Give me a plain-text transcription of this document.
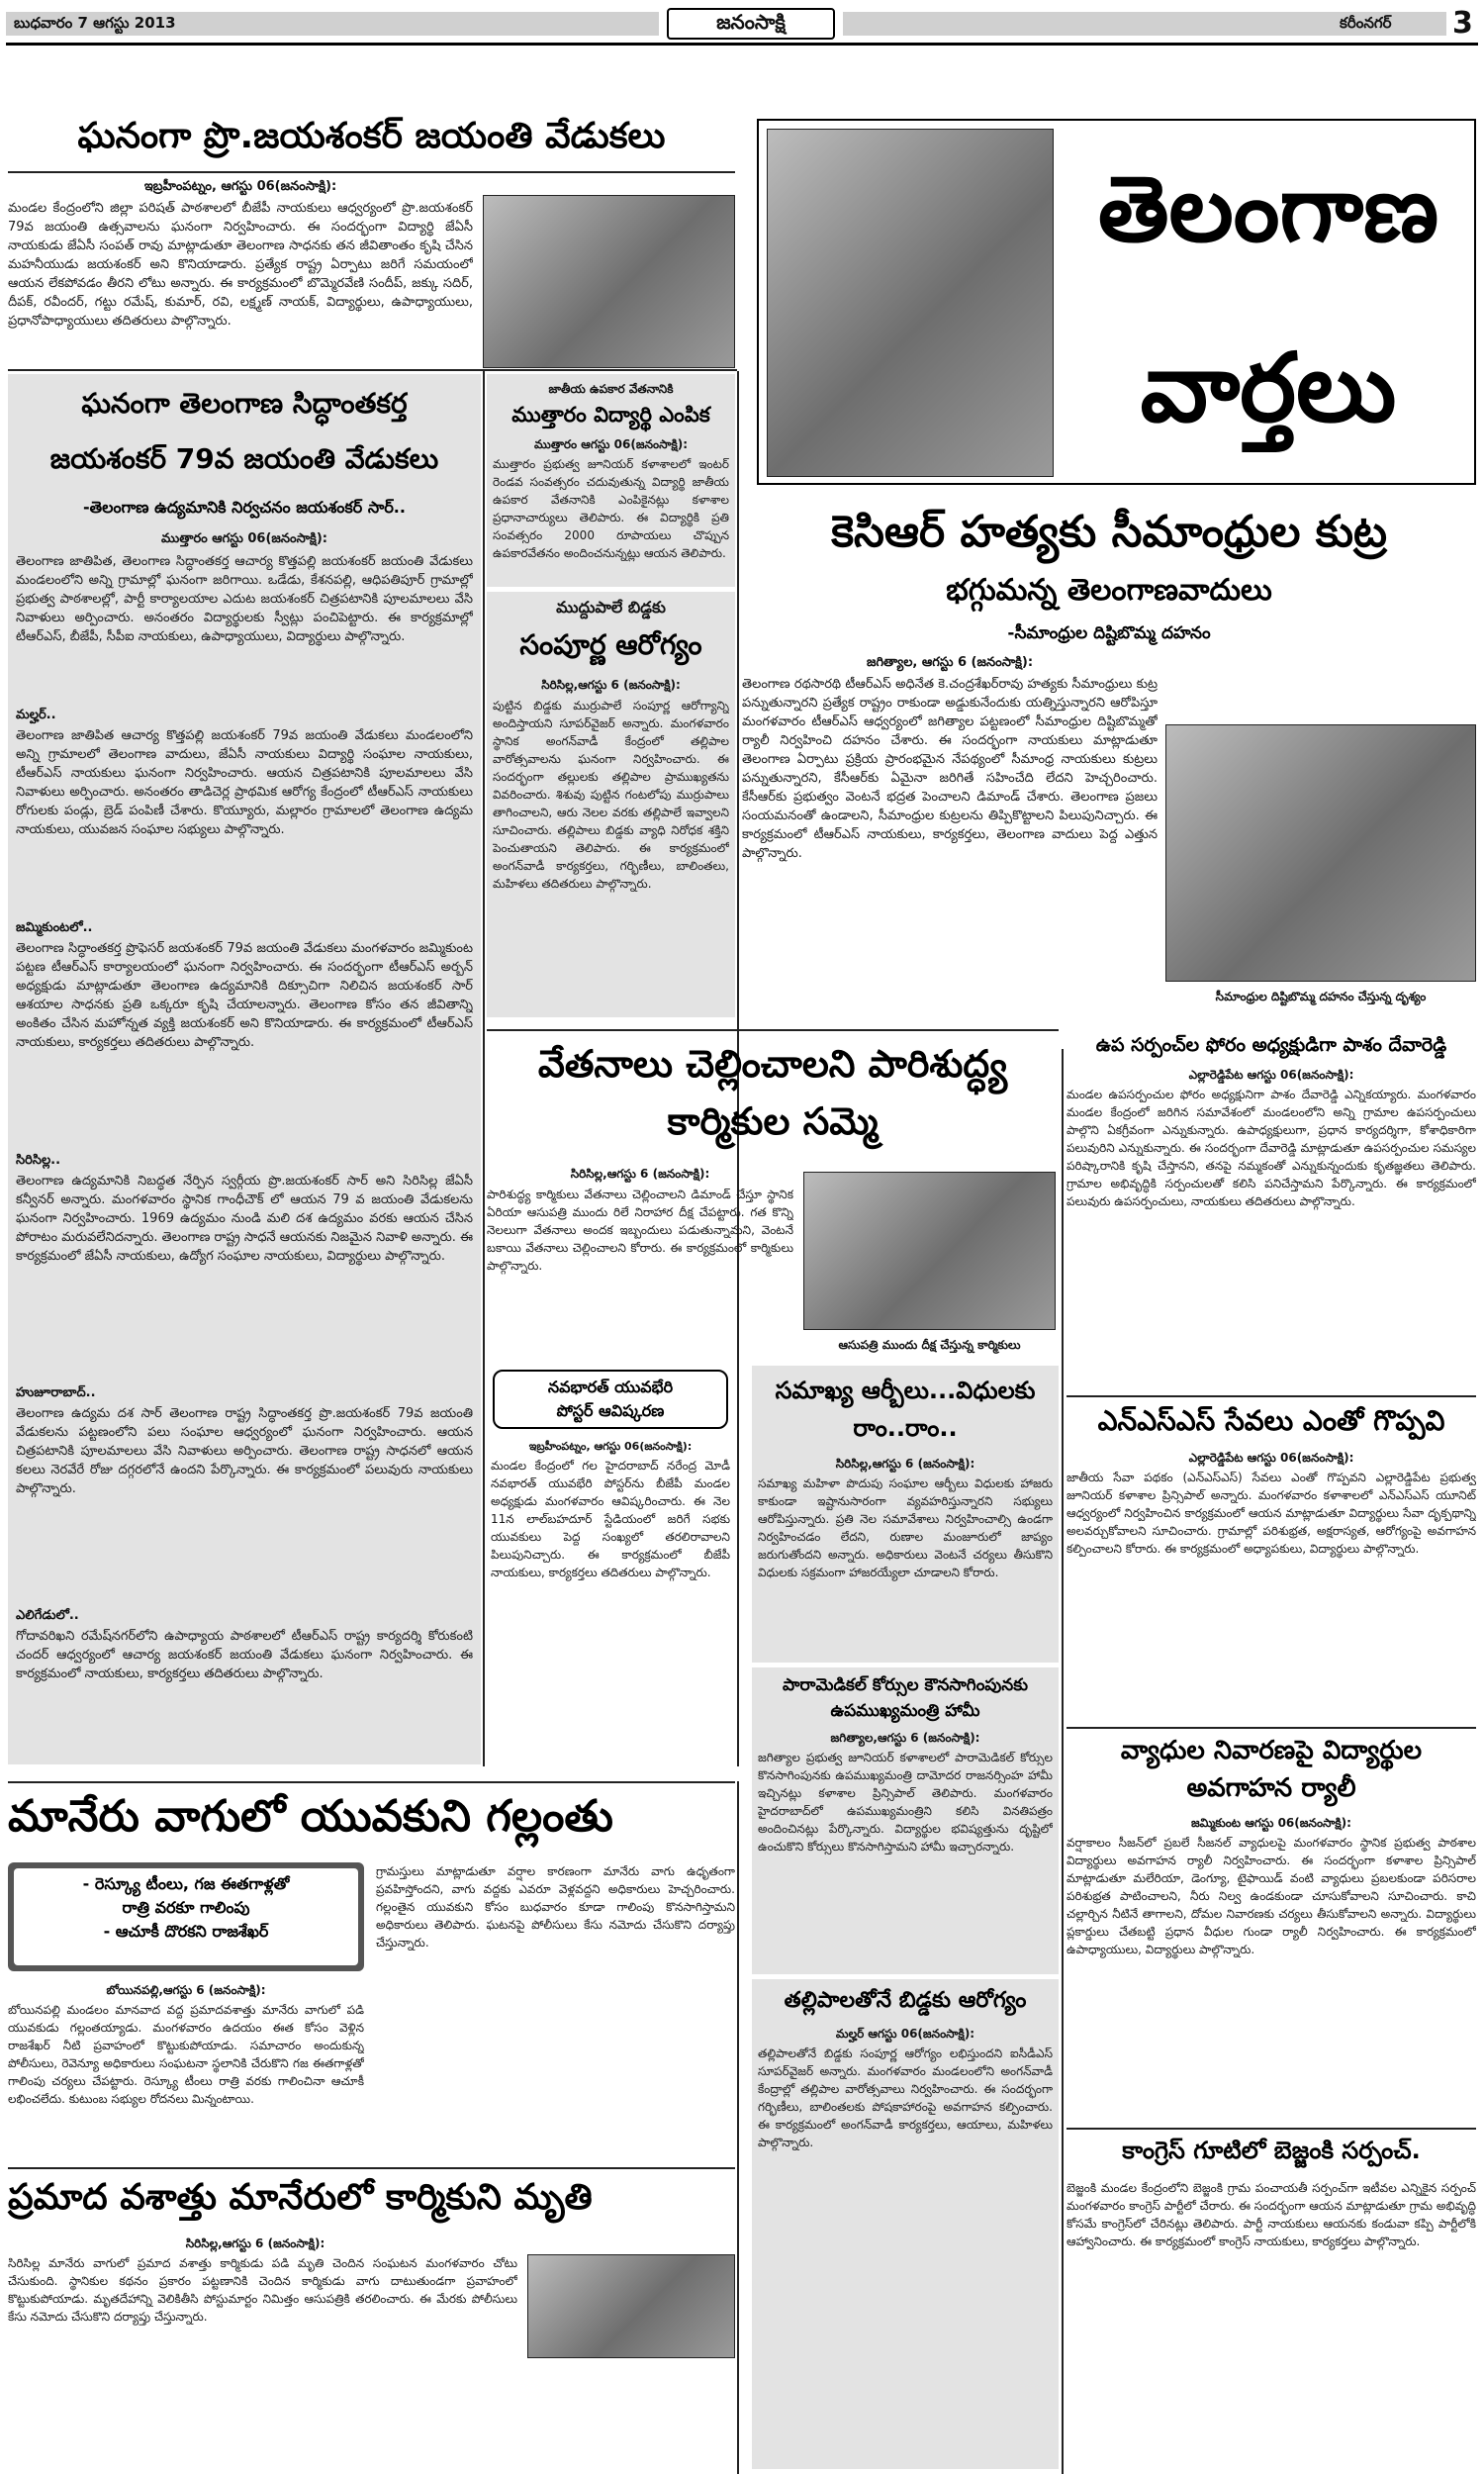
బుధవారం 7 ఆగస్టు 2013	జనంసాక్షి	కరీంనగర్ 3
ఘనంగా ప్రొ.జయశంకర్‌ జయంతి వేడుకలు
ఇబ్రహీంపట్నం, ఆగస్టు 06(జనంసాక్షి):
మండల కేంద్రంలోని జిల్లా పరిషత్‌ పాఠశాలలో బీజేపీ నాయకులు ఆధ్వర్యంలో ప్రొ.జయశంకర్‌ 79వ జయంతి ఉత్సవాలను ఘనంగా నిర్వహించారు. ఈ సందర్భంగా విద్యార్థి జేఏసీ నాయకుడు జేఏసీ సంపత్‌ రావు మాట్లాడుతూ తెలంగాణ సాధనకు తన జీవితాంతం కృషి చేసిన మహనీయుడు జయశంకర్‌ అని కొనియాడారు. ప్రత్యేక రాష్ట్ర ఏర్పాటు జరిగే సమయంలో ఆయన లేకపోవడం తీరని లోటు అన్నారు. ఈ కార్యక్రమంలో బొమ్మెరవేణి సందీప్‌, జక్కు సదిర్‌, దీపక్‌, రవీందర్‌, గట్టు రమేష్‌, కుమార్‌, రవి, లక్ష్మణ్‌ నాయక్‌, విద్యార్థులు, ఉపాధ్యాయులు, ప్రధానోపాధ్యాయులు తదితరులు పాల్గొన్నారు.
తెలంగాణ
వార్తలు
ఘనంగా తెలంగాణ సిద్ధాంతకర్త
జయశంకర్‌ 79వ జయంతి వేడుకలు
-తెలంగాణ ఉద్యమానికి నిర్వచనం జయశంకర్‌ సార్‌..
ముత్తారం ఆగస్టు 06(జనంసాక్షి):
తెలంగాణ జాతిపిత, తెలంగాణ సిద్ధాంతకర్త ఆచార్య కొత్తపల్లి జయశంకర్‌ జయంతి వేడుకలు మండలంలోని అన్ని గ్రామాల్లో ఘనంగా జరిగాయి. ఒడేడు, కేశనపల్లి, ఆధిపతిపూర్‌ గ్రామాల్లో ప్రభుత్వ పాఠశాలల్లో, పార్టీ కార్యాలయాల ఎదుట జయశంకర్‌ చిత్రపటానికి పూలమాలలు వేసి నివాళులు అర్పించారు. అనంతరం విద్యార్థులకు స్వీట్లు పంచిపెట్టారు. ఈ కార్యక్రమాల్లో టీఆర్‌ఎస్‌, బీజేపీ, సీపీఐ నాయకులు, ఉపాధ్యాయులు, విద్యార్థులు పాల్గొన్నారు.
మల్హర్‌..
తెలంగాణ జాతిపిత ఆచార్య కొత్తపల్లి జయశంకర్‌ 79వ జయంతి వేడుకలు మండలంలోని అన్ని గ్రామాలలో తెలంగాణ వాదులు, జేఏసీ నాయకులు విద్యార్థి సంఘాల నాయకులు, టీఆర్‌ఎస్‌ నాయకులు ఘనంగా నిర్వహించారు. ఆయన చిత్రపటానికి పూలమాలలు వేసి నివాళులు అర్పించారు. అనంతరం తాడిచెర్ల ప్రాథమిక ఆరోగ్య కేంద్రంలో టీఆర్‌ఎస్‌ నాయకులు రోగులకు పండ్లు, బ్రెడ్‌ పంపిణీ చేశారు. కొయ్యూరు, మల్లారం గ్రామాలలో తెలంగాణ ఉద్యమ నాయకులు, యువజన సంఘాల సభ్యులు పాల్గొన్నారు.
జమ్మికుంటలో..
తెలంగాణ సిద్ధాంతకర్త ప్రొఫెసర్‌ జయశంకర్‌ 79వ జయంతి వేడుకలు మంగళవారం జమ్మికుంట పట్టణ టీఆర్‌ఎస్‌ కార్యాలయంలో ఘనంగా నిర్వహించారు. ఈ సందర్భంగా టీఆర్‌ఎస్‌ అర్బన్‌ అధ్యక్షుడు మాట్లాడుతూ తెలంగాణ ఉద్యమానికి దిక్సూచిగా నిలిచిన జయశంకర్‌ సార్‌ ఆశయాల సాధనకు ప్రతి ఒక్కరూ కృషి చేయాలన్నారు. తెలంగాణ కోసం తన జీవితాన్ని అంకితం చేసిన మహోన్నత వ్యక్తి జయశంకర్‌ అని కొనియాడారు. ఈ కార్యక్రమంలో టీఆర్‌ఎస్‌ నాయకులు, కార్యకర్తలు తదితరులు పాల్గొన్నారు.
సిరిసిల్ల..
తెలంగాణ ఉద్యమానికి నిబద్ధత నేర్పిన స్వర్గీయ ప్రొ.జయశంకర్‌ సార్‌ అని సిరిసిల్ల జేఏసీ కన్వీనర్‌ అన్నారు. మంగళవారం స్థానిక గాంధీచౌక్‌ లో ఆయన 79 వ జయంతి వేడుకలను ఘనంగా నిర్వహించారు. 1969 ఉద్యమం నుండి మలి దశ ఉద్యమం వరకు ఆయన చేసిన పోరాటం మరువలేనిదన్నారు. తెలంగాణ రాష్ట్ర సాధనే ఆయనకు నిజమైన నివాళి అన్నారు. ఈ కార్యక్రమంలో జేఏసీ నాయకులు, ఉద్యోగ సంఘాల నాయకులు, విద్యార్థులు పాల్గొన్నారు.
హుజూరాబాద్‌..
తెలంగాణ ఉద్యమ దశ సార్‌ తెలంగాణ రాష్ట్ర సిద్ధాంతకర్త ప్రొ.జయశంకర్‌ 79వ జయంతి వేడుకలను పట్టణంలోని పలు సంఘాల ఆధ్వర్యంలో ఘనంగా నిర్వహించారు. ఆయన చిత్రపటానికి పూలమాలలు వేసి నివాళులు అర్పించారు. తెలంగాణ రాష్ట్ర సాధనలో ఆయన కలలు నెరవేరే రోజు దగ్గరలోనే ఉందని పేర్కొన్నారు. ఈ కార్యక్రమంలో పలువురు నాయకులు పాల్గొన్నారు.
ఎలిగేడులో..
గోదావరిఖని రమేష్‌నగర్‌లోని ఉపాధ్యాయ పాఠశాలలో టీఆర్‌ఎస్‌ రాష్ట్ర కార్యదర్శి కోరుకంటి చందర్‌ ఆధ్వర్యంలో ఆచార్య జయశంకర్‌ జయంతి వేడుకలు ఘనంగా నిర్వహించారు. ఈ కార్యక్రమంలో నాయకులు, కార్యకర్తలు తదితరులు పాల్గొన్నారు.
జాతీయ ఉపకార వేతనానికి
ముత్తారం విద్యార్థి ఎంపిక
ముత్తారం ఆగస్టు 06(జనంసాక్షి):
ముత్తారం ప్రభుత్వ జూనియర్‌ కళాశాలలో ఇంటర్‌ రెండవ సంవత్సరం చదువుతున్న విద్యార్థి జాతీయ ఉపకార వేతనానికి ఎంపికైనట్లు కళాశాల ప్రధానాచార్యులు తెలిపారు. ఈ విద్యార్థికి ప్రతి సంవత్సరం 2000 రూపాయలు చొప్పున ఉపకారవేతనం అందించనున్నట్లు ఆయన తెలిపారు.
ముద్దుపాలే బిడ్డకు
సంపూర్ణ ఆరోగ్యం
సిరిసిల్ల,ఆగస్టు 6 (జనంసాక్షి):
పుట్టిన బిడ్డకు ముర్రుపాలే సంపూర్ణ ఆరోగ్యాన్ని అందిస్తాయని సూపర్‌వైజర్‌ అన్నారు. మంగళవారం స్థానిక అంగన్‌వాడీ కేంద్రంలో తల్లిపాల వారోత్సవాలను ఘనంగా నిర్వహించారు. ఈ సందర్భంగా తల్లులకు తల్లిపాల ప్రాముఖ్యతను వివరించారు. శిశువు పుట్టిన గంటలోపు ముర్రుపాలు తాగించాలని, ఆరు నెలల వరకు తల్లిపాలే ఇవ్వాలని సూచించారు. తల్లిపాలు బిడ్డకు వ్యాధి నిరోధక శక్తిని పెంచుతాయని తెలిపారు. ఈ కార్యక్రమంలో అంగన్‌వాడీ కార్యకర్తలు, గర్భిణీలు, బాలింతలు, మహిళలు తదితరులు పాల్గొన్నారు.
కెసిఆర్‌ హత్యకు సీమాంధ్రుల కుట్ర
భగ్గుమన్న తెలంగాణవాదులు
-సీమాంధ్రుల దిష్టిబొమ్మ దహనం
జగిత్యాల, ఆగస్టు 6 (జనంసాక్షి):
తెలంగాణ రథసారథి టీఆర్‌ఎస్‌ అధినేత కె.చంద్రశేఖర్‌రావు హత్యకు సీమాంధ్రులు కుట్ర పన్నుతున్నారని ప్రత్యేక రాష్ట్రం రాకుండా అడ్డుకునేందుకు యత్నిస్తున్నారని ఆరోపిస్తూ మంగళవారం టీఆర్‌ఎస్‌ ఆధ్వర్యంలో జగిత్యాల పట్టణంలో సీమాంధ్రుల దిష్టిబొమ్మతో ర్యాలీ నిర్వహించి దహనం చేశారు. ఈ సందర్భంగా నాయకులు మాట్లాడుతూ తెలంగాణ ఏర్పాటు ప్రక్రియ ప్రారంభమైన నేపథ్యంలో సీమాంధ్ర నాయకులు కుట్రలు పన్నుతున్నారని, కేసీఆర్‌కు ఏమైనా జరిగితే సహించేది లేదని హెచ్చరించారు. కేసీఆర్‌కు ప్రభుత్వం వెంటనే భద్రత పెంచాలని డిమాండ్‌ చేశారు. తెలంగాణ ప్రజలు సంయమనంతో ఉండాలని, సీమాంధ్రుల కుట్రలను తిప్పికొట్టాలని పిలుపునిచ్చారు. ఈ కార్యక్రమంలో టీఆర్‌ఎస్‌ నాయకులు, కార్యకర్తలు, తెలంగాణ వాదులు పెద్ద ఎత్తున పాల్గొన్నారు.
సీమాంధ్రుల దిష్టిబొమ్మ దహనం చేస్తున్న దృశ్యం
వేతనాలు చెల్లించాలని పారిశుద్ధ్య
కార్మికుల సమ్మె
సిరిసిల్ల,ఆగస్టు 6 (జనంసాక్షి):
పారిశుద్ధ్య కార్మికులు వేతనాలు చెల్లించాలని డిమాండ్‌ చేస్తూ స్థానిక ఏరియా ఆసుపత్రి ముందు రిలే నిరాహార దీక్ష చేపట్టారు. గత కొన్ని నెలలుగా వేతనాలు అందక ఇబ్బందులు పడుతున్నామని, వెంటనే బకాయి వేతనాలు చెల్లించాలని కోరారు. ఈ కార్యక్రమంలో కార్మికులు పాల్గొన్నారు.
ఆసుపత్రి ముందు దీక్ష చేస్తున్న కార్మికులు
ఉప సర్పంచ్‌ల ఫోరం అధ్యక్షుడిగా పాశం దేవారెడ్డి
ఎల్లారెడ్డిపేట ఆగస్టు 06(జనంసాక్షి):
మండల ఉపసర్పంచుల ఫోరం అధ్యక్షునిగా పాశం దేవారెడ్డి ఎన్నికయ్యారు. మంగళవారం మండల కేంద్రంలో జరిగిన సమావేశంలో మండలంలోని అన్ని గ్రామాల ఉపసర్పంచులు పాల్గొని ఏకగ్రీవంగా ఎన్నుకున్నారు. ఉపాధ్యక్షులుగా, ప్రధాన కార్యదర్శిగా, కోశాధికారిగా పలువురిని ఎన్నుకున్నారు. ఈ సందర్భంగా దేవారెడ్డి మాట్లాడుతూ ఉపసర్పంచుల సమస్యల పరిష్కారానికి కృషి చేస్తానని, తనపై నమ్మకంతో ఎన్నుకున్నందుకు కృతజ్ఞతలు తెలిపారు. గ్రామాల అభివృద్ధికి సర్పంచులతో కలిసి పనిచేస్తామని పేర్కొన్నారు. ఈ కార్యక్రమంలో పలువురు ఉపసర్పంచులు, నాయకులు తదితరులు పాల్గొన్నారు.
ఎన్‌ఎస్‌ఎస్‌ సేవలు ఎంతో గొప్పవి
ఎల్లారెడ్డిపేట ఆగస్టు 06(జనంసాక్షి):
జాతీయ సేవా పథకం (ఎన్‌ఎస్‌ఎస్‌) సేవలు ఎంతో గొప్పవని ఎల్లారెడ్డిపేట ప్రభుత్వ జూనియర్‌ కళాశాల ప్రిన్సిపాల్‌ అన్నారు. మంగళవారం కళాశాలలో ఎన్‌ఎస్‌ఎస్‌ యూనిట్‌ ఆధ్వర్యంలో నిర్వహించిన కార్యక్రమంలో ఆయన మాట్లాడుతూ విద్యార్థులు సేవా దృక్పథాన్ని అలవర్చుకోవాలని సూచించారు. గ్రామాల్లో పరిశుభ్రత, అక్షరాస్యత, ఆరోగ్యంపై అవగాహన కల్పించాలని కోరారు. ఈ కార్యక్రమంలో అధ్యాపకులు, విద్యార్థులు పాల్గొన్నారు.
వ్యాధుల నివారణపై విద్యార్థుల
అవగాహన ర్యాలీ
జమ్మికుంట ఆగస్టు 06(జనంసాక్షి):
వర్షాకాలం సీజన్‌లో ప్రబలే సీజనల్‌ వ్యాధులపై మంగళవారం స్థానిక ప్రభుత్వ పాఠశాల విద్యార్థులు అవగాహన ర్యాలీ నిర్వహించారు. ఈ సందర్భంగా కళాశాల ప్రిన్సిపాల్‌ మాట్లాడుతూ మలేరియా, డెంగ్యూ, టైఫాయిడ్‌ వంటి వ్యాధులు ప్రబలకుండా పరిసరాల పరిశుభ్రత పాటించాలని, నీరు నిల్వ ఉండకుండా చూసుకోవాలని సూచించారు. కాచి చల్లార్చిన నీటినే తాగాలని, దోమల నివారణకు చర్యలు తీసుకోవాలని అన్నారు. విద్యార్థులు ప్లకార్డులు చేతబట్టి ప్రధాన వీధుల గుండా ర్యాలీ నిర్వహించారు. ఈ కార్యక్రమంలో ఉపాధ్యాయులు, విద్యార్థులు పాల్గొన్నారు.
కాంగ్రెస్‌ గూటిలో బెజ్జంకి సర్పంచ్‌.
బెజ్జంకి మండల కేంద్రంలోని బెజ్జంకి గ్రామ పంచాయతీ సర్పంచ్‌గా ఇటీవల ఎన్నికైన సర్పంచ్‌ మంగళవారం కాంగ్రెస్‌ పార్టీలో చేరారు. ఈ సందర్భంగా ఆయన మాట్లాడుతూ గ్రామ అభివృద్ధి కోసమే కాంగ్రెస్‌లో చేరినట్లు తెలిపారు. పార్టీ నాయకులు ఆయనకు కండువా కప్పి పార్టీలోకి ఆహ్వానించారు. ఈ కార్యక్రమంలో కాంగ్రెస్‌ నాయకులు, కార్యకర్తలు పాల్గొన్నారు.
నవభారత్‌ యువభేరి
పోస్టర్‌ ఆవిష్కరణ
ఇబ్రహీంపట్నం, ఆగస్టు 06(జనంసాక్షి):
మండల కేంద్రంలో గల హైదరాబాద్‌ నరేంద్ర మోడీ నవభారత్‌ యువభేరి పోస్టర్‌ను బీజేపీ మండల అధ్యక్షుడు మంగళవారం ఆవిష్కరించారు. ఈ నెల 11న లాల్‌బహదూర్‌ స్టేడియంలో జరిగే సభకు యువకులు పెద్ద సంఖ్యలో తరలిరావాలని పిలుపునిచ్చారు. ఈ కార్యక్రమంలో బీజేపీ నాయకులు, కార్యకర్తలు తదితరులు పాల్గొన్నారు.
సమాఖ్య ఆర్బీలు...విధులకు
రాం..రాం..
సిరిసిల్ల,ఆగస్టు 6 (జనంసాక్షి):
సమాఖ్య మహిళా పొదుపు సంఘాల ఆర్బీలు విధులకు హాజరు కాకుండా ఇష్టానుసారంగా వ్యవహరిస్తున్నారని సభ్యులు ఆరోపిస్తున్నారు. ప్రతి నెల సమావేశాలు నిర్వహించాల్సి ఉండగా నిర్వహించడం లేదని, రుణాల మంజూరులో జాప్యం జరుగుతోందని అన్నారు. అధికారులు వెంటనే చర్యలు తీసుకొని విధులకు సక్రమంగా హాజరయ్యేలా చూడాలని కోరారు.
పారామెడికల్‌ కోర్సుల కౌనసాగింపునకు
ఉపముఖ్యమంత్రి హామీ
జగిత్యాల,ఆగస్టు 6 (జనంసాక్షి):
జగిత్యాల ప్రభుత్వ జూనియర్‌ కళాశాలలో పారామెడికల్‌ కోర్సుల కొనసాగింపునకు ఉపముఖ్యమంత్రి దామోదర రాజనర్సింహ హామీ ఇచ్చినట్లు కళాశాల ప్రిన్సిపాల్‌ తెలిపారు. మంగళవారం హైదరాబాద్‌లో ఉపముఖ్యమంత్రిని కలిసి వినతిపత్రం అందించినట్లు పేర్కొన్నారు. విద్యార్థుల భవిష్యత్తును దృష్టిలో ఉంచుకొని కోర్సులు కొనసాగిస్తామని హామీ ఇచ్చారన్నారు.
తల్లిపాలతోనే బిడ్డకు ఆరోగ్యం
మల్హర్‌ ఆగస్టు 06(జనంసాక్షి):
తల్లిపాలతోనే బిడ్డకు సంపూర్ణ ఆరోగ్యం లభిస్తుందని ఐసీడీఎస్‌ సూపర్‌వైజర్‌ అన్నారు. మంగళవారం మండలంలోని అంగన్‌వాడీ కేంద్రాల్లో తల్లిపాల వారోత్సవాలు నిర్వహించారు. ఈ సందర్భంగా గర్భిణీలు, బాలింతలకు పోషకాహారంపై అవగాహన కల్పించారు. ఈ కార్యక్రమంలో అంగన్‌వాడీ కార్యకర్తలు, ఆయాలు, మహిళలు పాల్గొన్నారు.
మానేరు వాగులో యువకుని గల్లంతు
- రెస్క్యూ టీంలు, గజ ఈతగాళ్లతో
రాత్రి వరకూ గాలింపు
- ఆచూకీ దొరకని రాజశేఖర్‌
బోయినపల్లి,ఆగస్టు 6 (జనంసాక్షి):
బోయినపల్లి మండలం మానవాద వద్ద ప్రమాదవశాత్తు మానేరు వాగులో పడి యువకుడు గల్లంతయ్యాడు. మంగళవారం ఉదయం ఈత కోసం వెళ్లిన రాజశేఖర్‌ నీటి ప్రవాహంలో కొట్టుకుపోయాడు. సమాచారం అందుకున్న పోలీసులు, రెవెన్యూ అధికారులు సంఘటనా స్థలానికి చేరుకొని గజ ఈతగాళ్లతో గాలింపు చర్యలు చేపట్టారు. రెస్క్యూ టీంలు రాత్రి వరకు గాలించినా ఆచూకీ లభించలేదు. కుటుంబ సభ్యుల రోదనలు మిన్నంటాయి.
గ్రామస్తులు మాట్లాడుతూ వర్షాల కారణంగా మానేరు వాగు ఉధృతంగా ప్రవహిస్తోందని, వాగు వద్దకు ఎవరూ వెళ్లవద్దని అధికారులు హెచ్చరించారు. గల్లంతైన యువకుని కోసం బుధవారం కూడా గాలింపు కొనసాగిస్తామని అధికారులు తెలిపారు. ఘటనపై పోలీసులు కేసు నమోదు చేసుకొని దర్యాప్తు చేస్తున్నారు.
ప్రమాద వశాత్తు మానేరులో కార్మికుని మృతి
సిరిసిల్ల,ఆగస్టు 6 (జనంసాక్షి):
సిరిసిల్ల మానేరు వాగులో ప్రమాద వశాత్తు కార్మికుడు పడి మృతి చెందిన సంఘటన మంగళవారం చోటు చేసుకుంది. స్థానికుల కథనం ప్రకారం పట్టణానికి చెందిన కార్మికుడు వాగు దాటుతుండగా ప్రవాహంలో కొట్టుకుపోయాడు. మృతదేహాన్ని వెలికితీసి పోస్టుమార్టం నిమిత్తం ఆసుపత్రికి తరలించారు. ఈ మేరకు పోలీసులు కేసు నమోదు చేసుకొని దర్యాప్తు చేస్తున్నారు.
